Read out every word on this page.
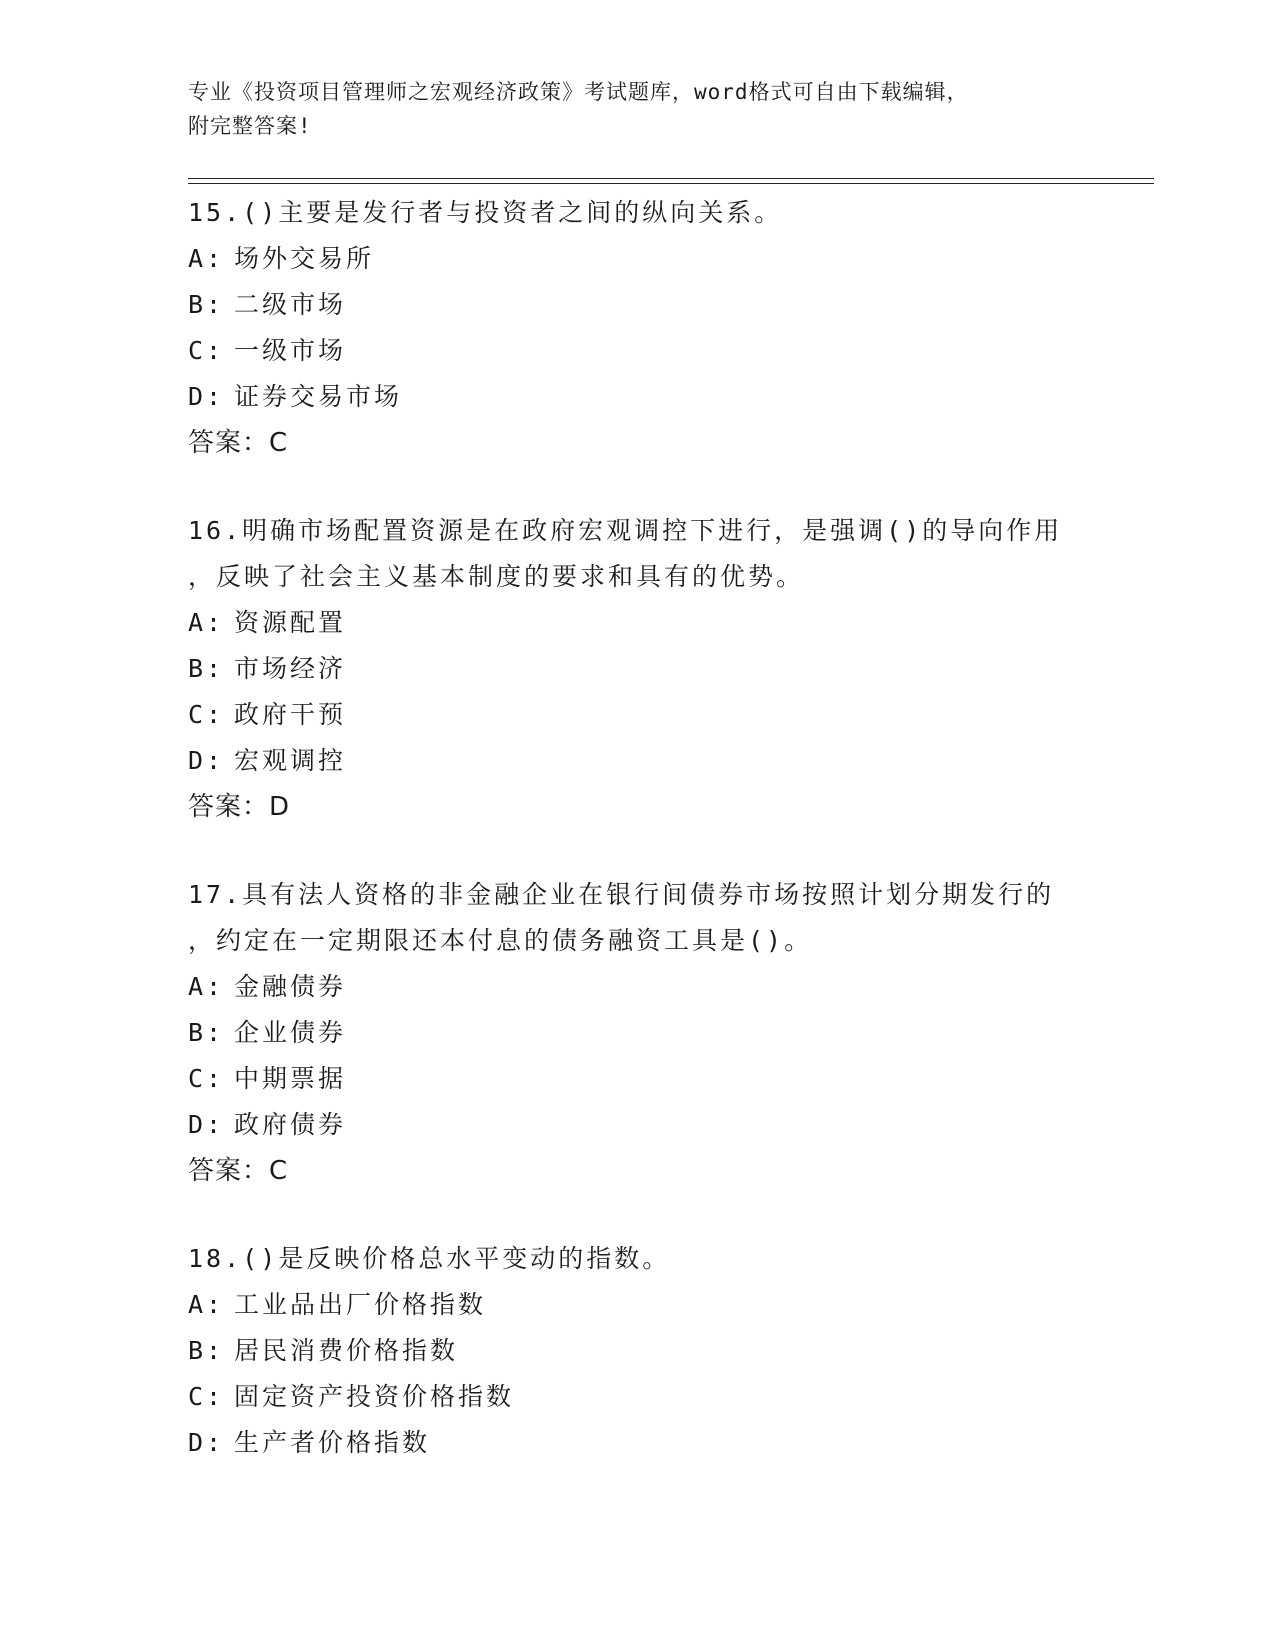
专业《投资项目管理师之宏观经济政策》考试题库，word格式可自由下载编辑，
附完整答案!

15.()主要是发行者与投资者之间的纵向关系。

A: 场外交易所

B: 二级市场

C: 一级市场

D: 证券交易市场

答案：C

16.明确市场配置资源是在政府宏观调控下进行，是强调()的导向作用

，反映了社会主义基本制度的要求和具有的优势。

A: 资源配置

B: 市场经济

C: 政府干预

D: 宏观调控

答案：D

17.具有法人资格的非金融企业在银行间债券市场按照计划分期发行的

，约定在一定期限还本付息的债务融资工具是()。

A: 金融债券

B: 企业债券

C: 中期票据

D: 政府债券

答案：C

18.()是反映价格总水平变动的指数。

A: 工业品出厂价格指数

B: 居民消费价格指数

C: 固定资产投资价格指数

D: 生产者价格指数
